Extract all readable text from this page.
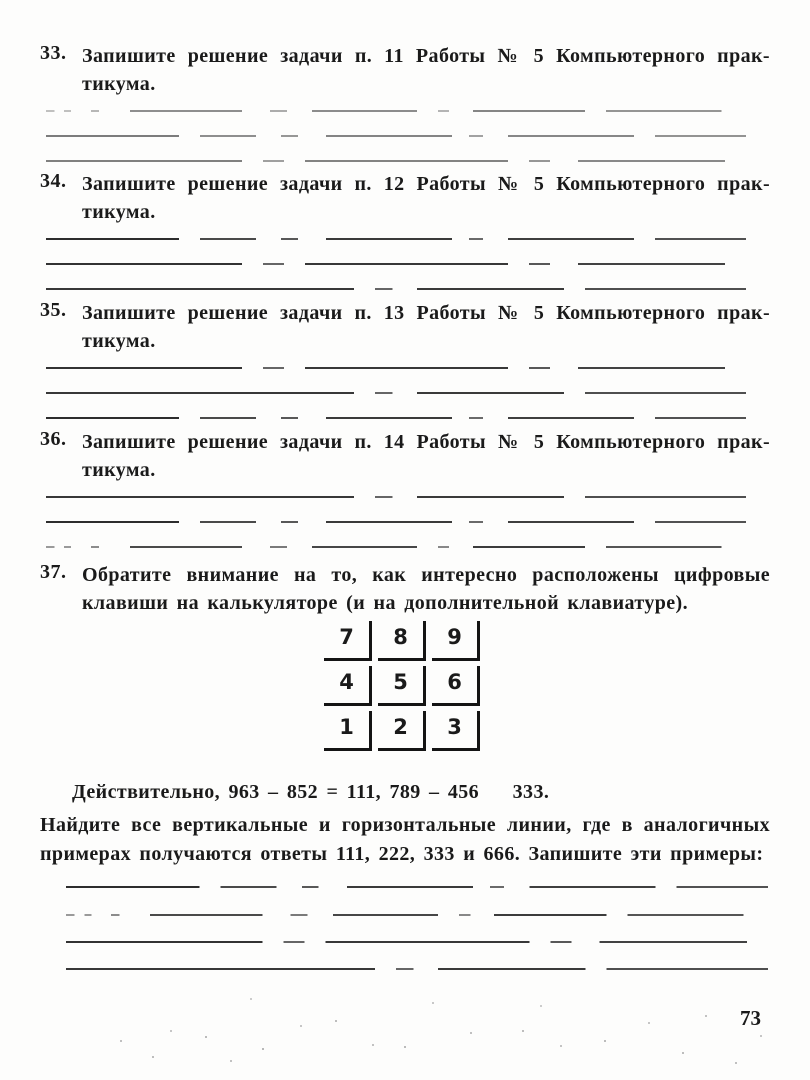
33. Запишите решение задачи п. 11 Работы № 5 Компьютерного прак-
тикума.
34. Запишите решение задачи п. 12 Работы № 5 Компьютерного прак-
тикума.
35. Запишите решение задачи п. 13 Работы № 5 Компьютерного прак-
тикума.
36. Запишите решение задачи п. 14 Работы № 5 Компьютерного прак-
тикума.
37. Обратите внимание на то, как интересно расположены цифровые
клавиши на калькуляторе (и на дополнительной клавиатуре).
7 8 9
4 5 6
1 2 3

Действительно, 963 – 852 = 111, 789 – 456    333.

Найдите все вертикальные и горизонтальные линии, где в аналогичных
примерах получаются ответы 111, 222, 333 и 666. Запишите эти примеры:
73
